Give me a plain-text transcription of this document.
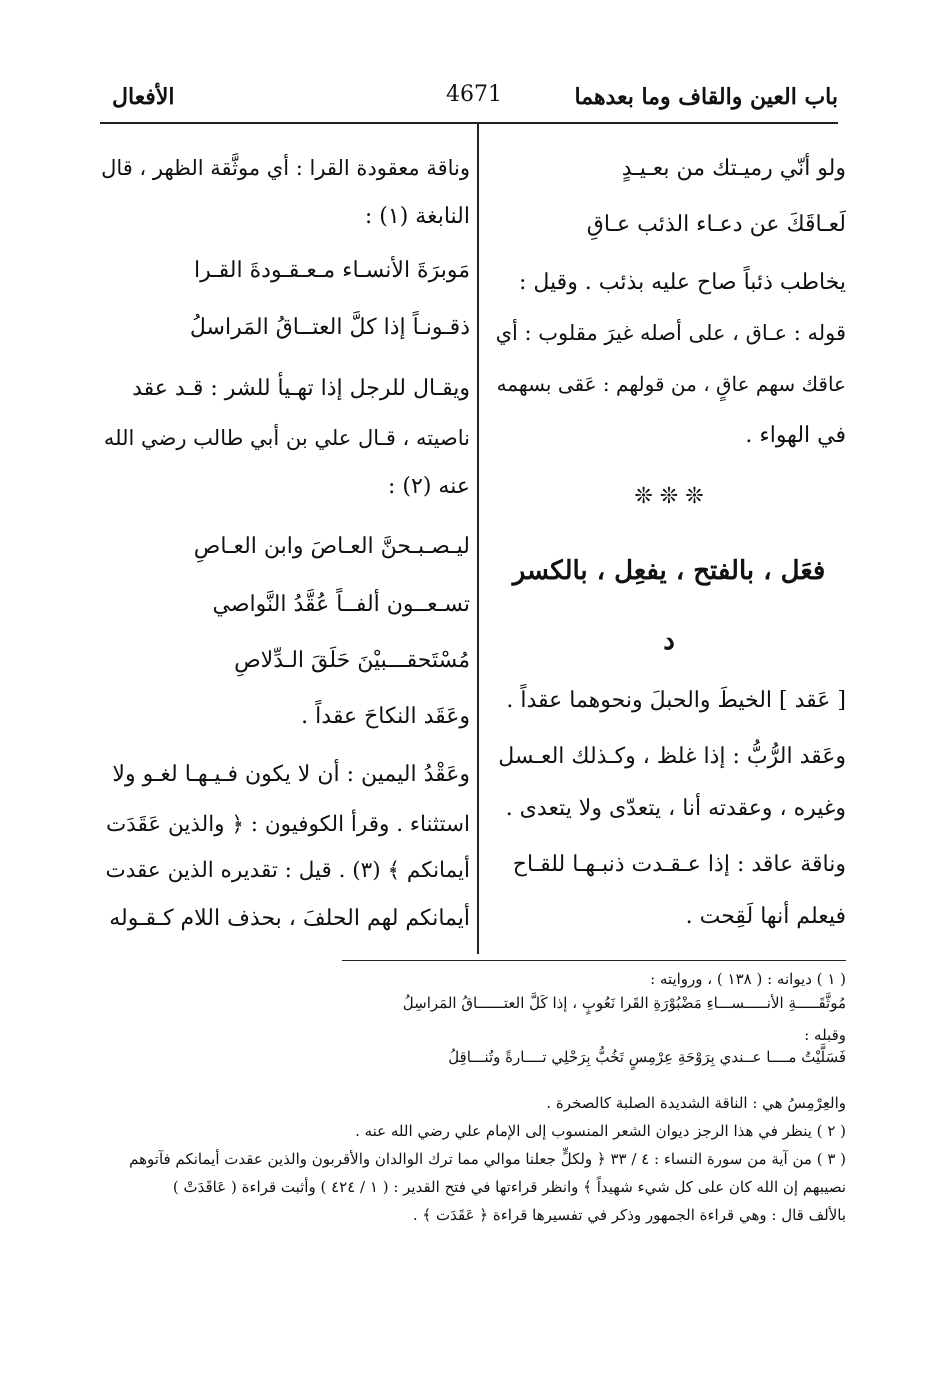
باب العين والقاف وما بعدهما
4671
الأفعال
ولو أنّي رميـتك من بعـيـدٍ
لَعـاقَكَ عن دعـاء الذئب عـاقِ
يخاطب ذئباً صاح عليه بذئب . وقيل :
قوله : عـاق ، على أصله غيرَ مقلوب : أي
عاقك سهم عاقٍ ، من قولهم : عَقى بسهمه
في الهواء .
❊ ❊ ❊
فعَل ، بالفتح ، يفعِل ، بالكسر
د
[ عَقد ] الخيطَ والحبلَ ونحوهما عقداً .
وعَقد الرُّبُّ : إذا غلظ ، وكـذلك العـسل
وغيره ، وعقدته أنا ، يتعدّى ولا يتعدى .
وناقة عاقد : إذا عـقـدت ذنبـهـا للقـاح
فيعلم أنها لَقِحت .
وناقة معقودة القرا : أي موثَّقة الظهر ، قال
النابغة (١) :
مَوبرَةَ الأنسـاء مـعـقـودةَ القـرا
ذقـونـاً إذا كلَّ العتــاقُ المَراسلُ
ويقـال للرجل إذا تهـيأ للشر : قـد عقد
ناصيته ، قـال علي بن أبي طالب رضي الله
عنه (٢) :
ليـصـبـحنَّ العـاصَ وابن العـاصِ
تسـعــون ألفــاً عُقَّدُ النَّواصي
مُسْتَحقـــبيْنَ حَلَقَ الـدِّلاصِ
وعَقَد النكاحَ عقداً .
وعَقْدُ اليمين : أن لا يكون فـيـهـا لغـو ولا
استثناء . وقرأ الكوفيون : ﴿ والذين عَقَدَت
أيمانكم ﴾ (٣) . قيل : تقديره الذين عقدت
أيمانكم لهم الحلفَ ، بحذف اللام كـقـوله
( ١ ) ديوانه : ( ١٣٨ ) ، وروايته :
مُوثَّقَـــــةِ الأنـــــســـاءِ مَضْبُوْرَةِ القَرا نَعُوبٍ ، إذا كَلَّ العتــــــاقُ المَراسِلُ
وقبله :
فَسَلَّيْتُ مــــا عــندي بِرَوْحَةِ عِرْمِسٍ تَخُبُّ بِرَحْلِي تــــارةً وتُنـــاقِلُ
والعِرْمِسُ هي : الناقة الشديدة الصلبة كالصخرة .
( ٢ ) ينظر في هذا الرجز ديوان الشعر المنسوب إلى الإمام علي رضي الله عنه .
( ٣ ) من آية من سورة النساء : ٤ / ٣٣ ﴿ ولكلٍّ جعلنا موالي مما ترك الوالدان والأقربون والذين عقدت أيمانكم فآتوهم
نصيبهم إن الله كان على كل شيء شهيداً ﴾ وانظر قراءتها في فتح القدير : ( ١ / ٤٢٤ ) وأثبت قراءة ( عَاقَدَتْ )
بالألف قال : وهي قراءة الجمهور وذكر في تفسيرها قراءة ﴿ عَقَدَت ﴾ .
